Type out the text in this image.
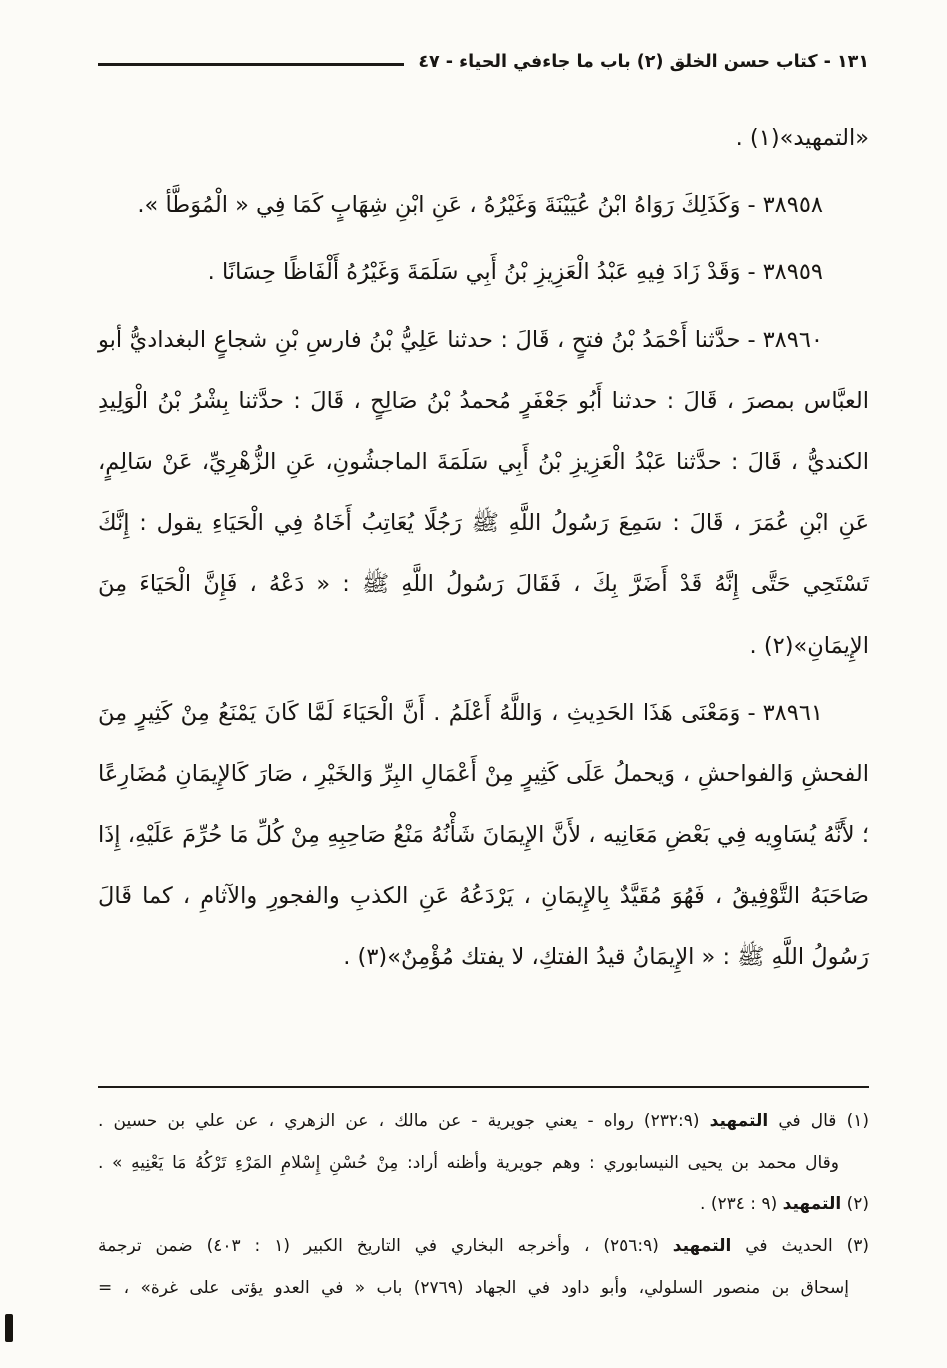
١٣١ - كتاب حسن الخلق (٢) باب ما جاءفي الحياء - ٤٧

«التمهيد»(١) .

٣٨٩٥٨-وَكَذَلِكَ رَوَاهُ ابْنُ عُيَيْنَةَ وَغَيْرُهُ ، عَنِ ابْنِ شِهَابٍ كَمَا فِي « الْمُوَطَّأ ».

٣٨٩٥٩-وَقَدْ زَادَ فِيهِ عَبْدُ الْعَزِيزِ بْنُ أَبِي سَلَمَةَ وَغَيْرُهُ أَلْفَاظًا حِسَانًا .

٣٨٩٦٠-حدَّثنا أَحْمَدُ بْنُ فتحٍ ، قَالَ : حدثنا عَلِيُّ بْنُ فارسِ بْنِ شجاعٍ البغداديُّ أبو العبَّاس بمصرَ ، قَالَ : حدثنا أَبُو جَعْفَرٍ مُحمدُ بْنُ صَالِحٍ ، قَالَ : حدَّثنا بِشْرُ بْنُ الْوَلِيدِ الكنديُّ ، قَالَ : حدَّثنا عَبْدُ الْعَزِيزِ بْنُ أَبِي سَلَمَةَ الماجشُونِ، عَنِ الزُّهْرِيِّ، عَنْ سَالِمٍ، عَنِ ابْنِ عُمَرَ ، قَالَ : سَمِعَ رَسُولُ اللَّهِ ﷺ رَجُلًا يُعَاتِبُ أَخَاهُ فِي الْحَيَاءِ يقول : إِنَّكَ تَسْتَحِي حَتَّى إِنَّهُ قَدْ أَضَرَّ بِكَ ، فَقَالَ رَسُولُ اللَّهِ ﷺ : « دَعْهُ ، فَإِنَّ الْحَيَاءَ مِنَ الإِيمَانِ»(٢) .

٣٨٩٦١-وَمَعْنَى هَذَا الحَدِيثِ ، وَاللَّهُ أَعْلَمُ . أَنَّ الْحَيَاءَ لَمَّا كَانَ يَمْنَعُ مِنْ كَثِيرٍ مِنَ الفحشِ وَالفواحشِ ، وَيحملُ عَلَى كَثِيرٍ مِنْ أَعْمَالِ البِرِّ وَالخَيْرِ ، صَارَ كَالإِيمَانِ مُضَارِعًا ؛ لأَنَّهُ يُسَاوِيه فِي بَعْضِ مَعَانِيه ، لأَنَّ الإِيمَانَ شَأْنُهُ مَنْعُ صَاحِبِهِ مِنْ كُلِّ مَا حُرِّمَ عَلَيْهِ، إِذَا صَاحَبَهُ التَّوْفِيقُ ، فَهُوَ مُقَيَّدٌ بِالإِيمَانِ ، يَرْدَعُهُ عَنِ الكذبِ والفجورِ والآثامِ ، كما قَالَ رَسُولُ اللَّهِ ﷺ : « الإِيمَانُ قيدُ الفتكِ، لا يفتك مُؤْمِنٌ»(٣) .

(١) قال في التمهيد (٢٣٢:٩) رواه - يعني جويرية - عن مالك ، عن الزهري ، عن علي بن حسين .

وقال محمد بن يحيى النيسابوري : وهم جويرية وأظنه أراد: مِنْ حُسْنِ إِسْلامِ المَرْءِ تَرْكُهُ مَا يَعْنِيهِ » .

(٢) التمهيد (٩ : ٢٣٤) .

(٣) الحديث في التمهيد (٢٥٦:٩) ، وأخرجه البخاري في التاريخ الكبير (١ : ٤٠٣) ضمن ترجمة

إسحاق بن منصور السلولي، وأبو داود في الجهاد (٢٧٦٩) باب « في العدو يؤتى على غرة» ، =
